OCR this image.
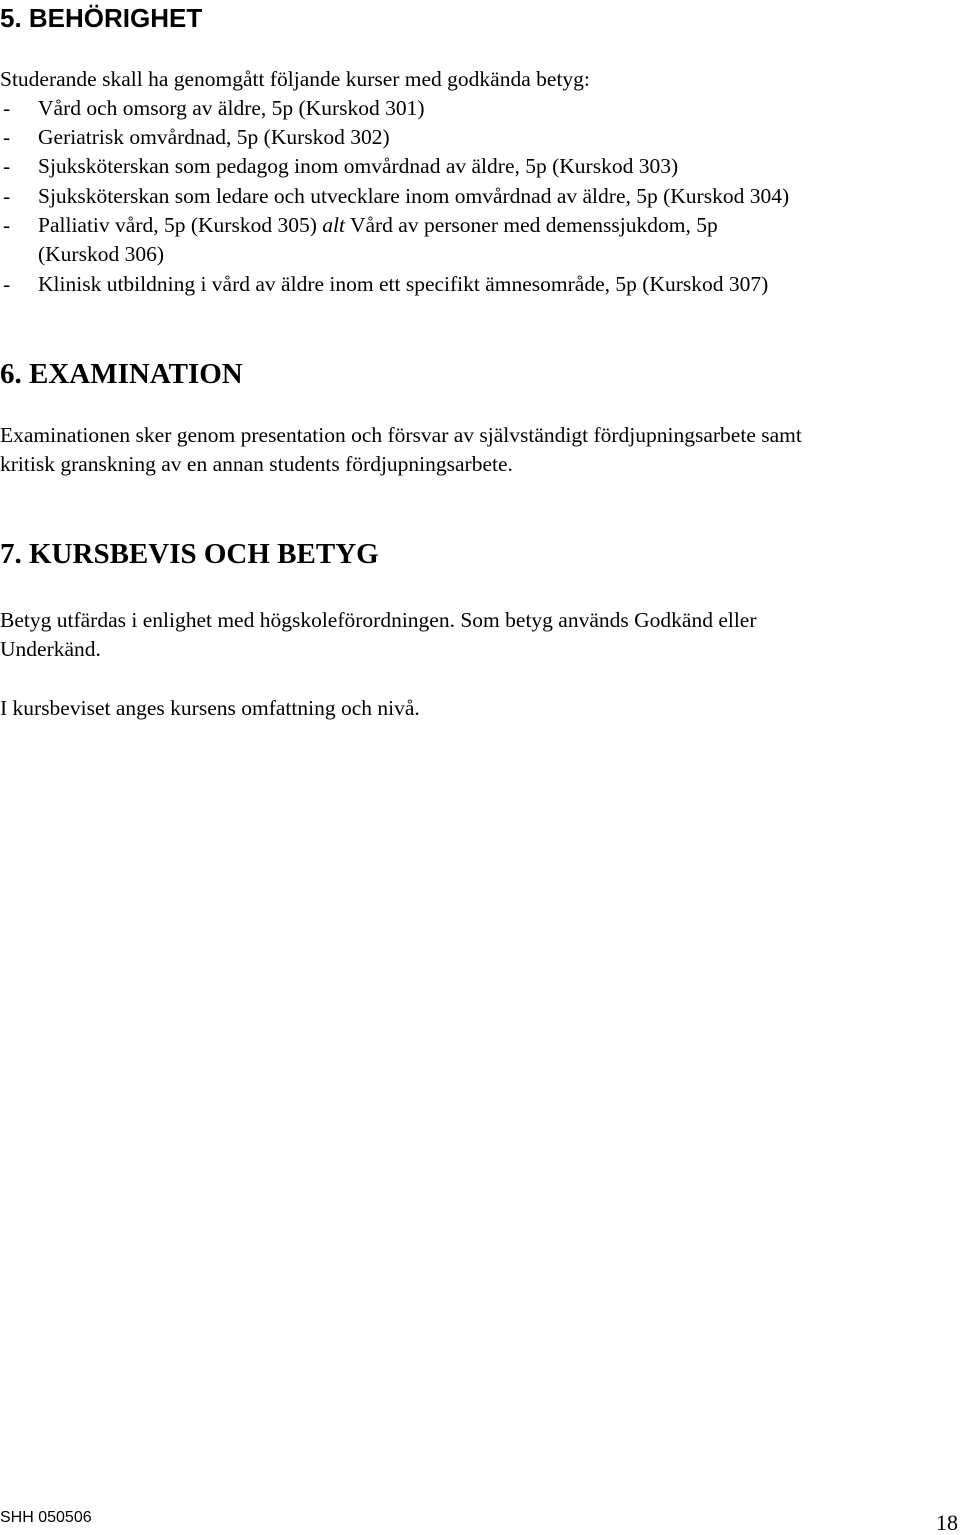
5. BEHÖRIGHET
Studerande skall ha genomgått följande kurser med godkända betyg:
- Vård och omsorg av äldre, 5p (Kurskod 301)
- Geriatrisk omvårdnad, 5p (Kurskod 302)
- Sjuksköterskan som pedagog inom omvårdnad av äldre, 5p (Kurskod 303)
- Sjuksköterskan som ledare och utvecklare inom omvårdnad av äldre, 5p (Kurskod 304)
- Palliativ vård, 5p (Kurskod 305) alt Vård av personer med demenssjukdom, 5p
(Kurskod 306)
- Klinisk utbildning i vård av äldre inom ett specifikt ämnesområde, 5p (Kurskod 307)
6. EXAMINATION
Examinationen sker genom presentation och försvar av självständigt fördjupningsarbete samt
kritisk granskning av en annan students fördjupningsarbete.
7. KURSBEVIS OCH BETYG
Betyg utfärdas i enlighet med högskoleförordningen. Som betyg används Godkänd eller
Underkänd.
I kursbeviset anges kursens omfattning och nivå.
SHH 050506	18
